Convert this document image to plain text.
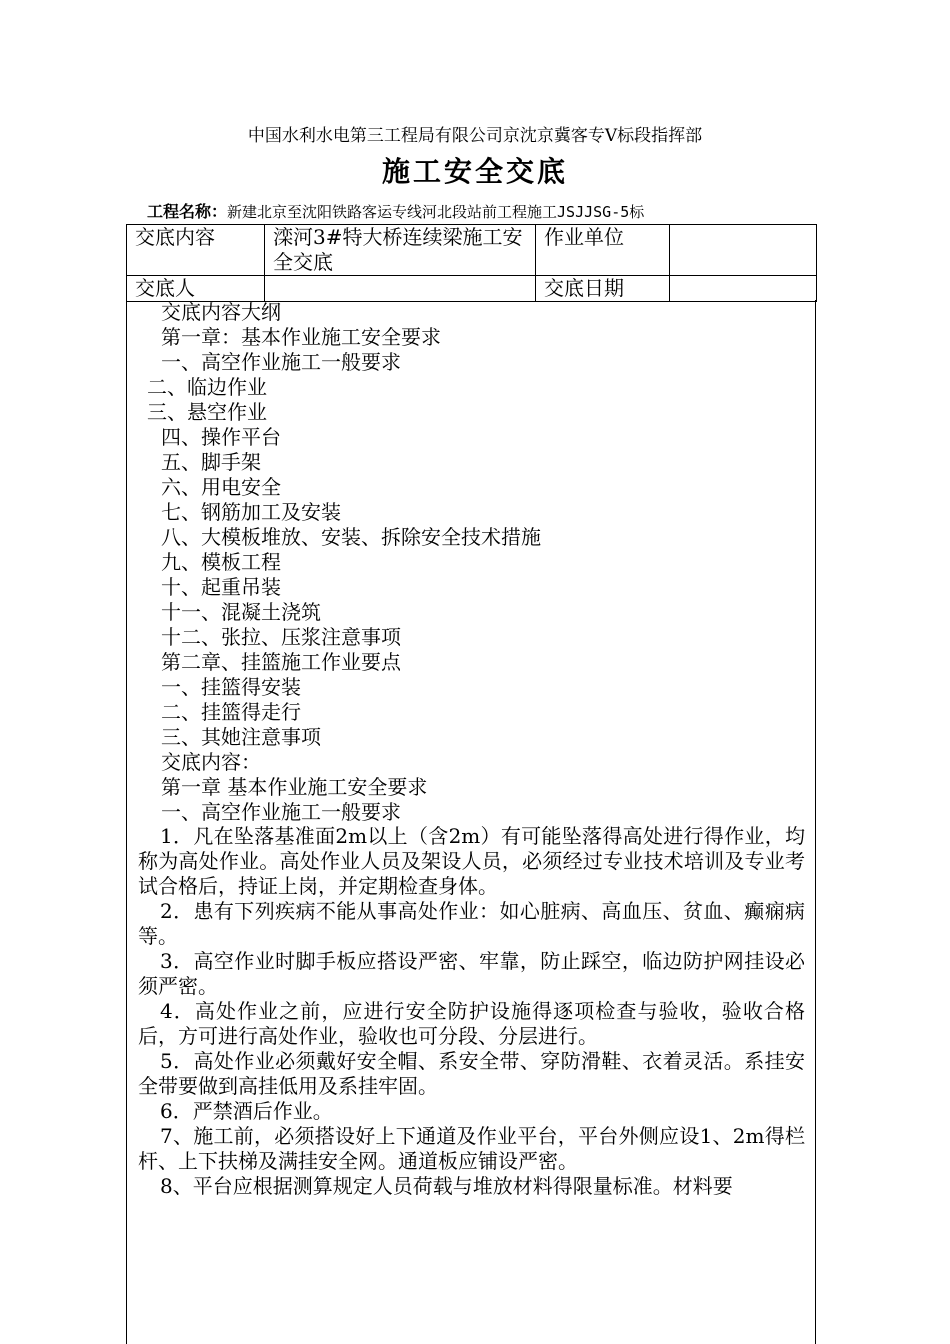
中国水利水电第三工程局有限公司京沈京冀客专Ⅴ标段指挥部
施工安全交底
工程名称：新建北京至沈阳铁路客运专线河北段站前工程施工JSJJSG-5标
交底内容	滦河3#特大桥连续梁施工安全交底	作业单位	
交底人		交底日期	
交底内容大纲
第一章：基本作业施工安全要求
一、高空作业施工一般要求
二、临边作业
三、悬空作业
四、操作平台
五、脚手架
六、用电安全
七、钢筋加工及安装
八、大模板堆放、安装、拆除安全技术措施
九、模板工程
十、起重吊装
十一、混凝土浇筑
十二、张拉、压浆注意事项
第二章、挂篮施工作业要点
一、挂篮得安装
二、挂篮得走行
三、其她注意事项
交底内容：
第一章 基本作业施工安全要求
一、高空作业施工一般要求
1．凡在坠落基准面2m以上（含2m）有可能坠落得高处进行得作业，均称为高处作业。高处作业人员及架设人员，必须经过专业技术培训及专业考试合格后，持证上岗，并定期检查身体。
2．患有下列疾病不能从事高处作业：如心脏病、高血压、贫血、癫痫病等。
3．高空作业时脚手板应搭设严密、牢靠，防止踩空，临边防护网挂设必须严密。
4．高处作业之前，应进行安全防护设施得逐项检查与验收，验收合格后，方可进行高处作业，验收也可分段、分层进行。
5．高处作业必须戴好安全帽、系安全带、穿防滑鞋、衣着灵活。系挂安全带要做到高挂低用及系挂牢固。
6．严禁酒后作业。
7、施工前，必须搭设好上下通道及作业平台，平台外侧应设1、2m得栏杆、上下扶梯及满挂安全网。通道板应铺设严密。
8、平台应根据测算规定人员荷载与堆放材料得限量标准。材料要
